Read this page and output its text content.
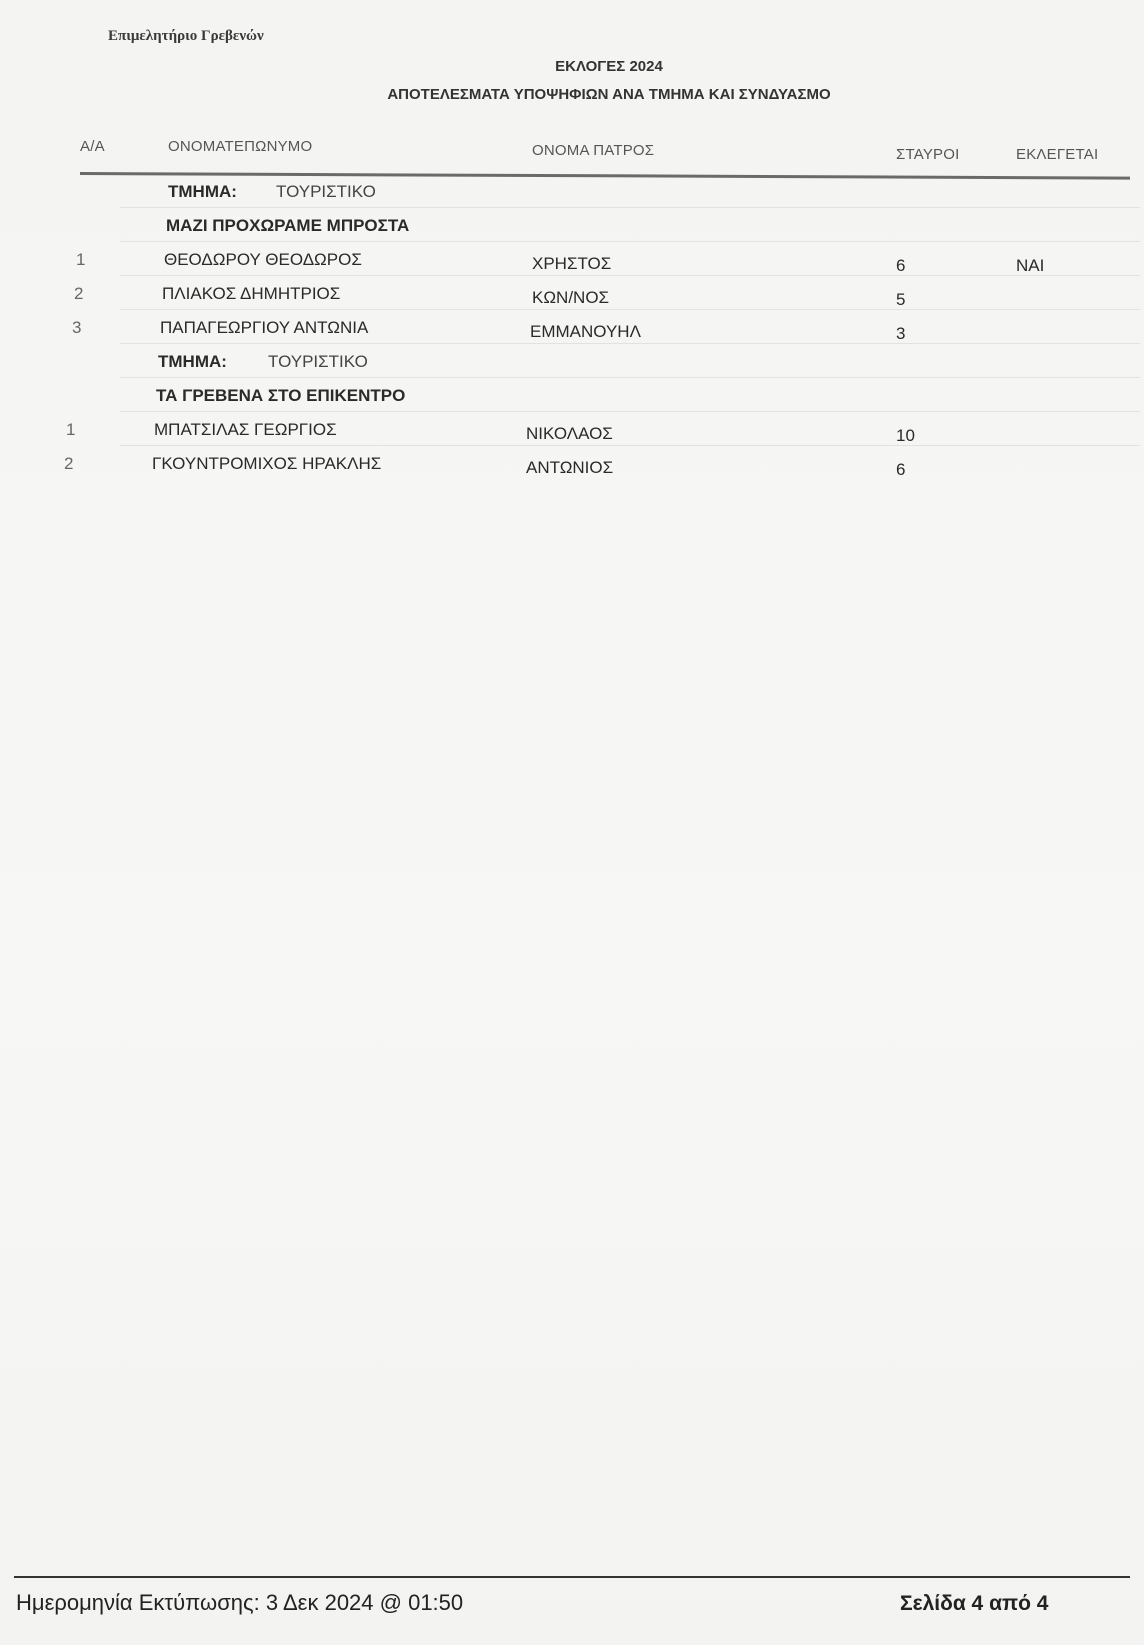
Επιμελητήριο Γρεβενών
ΕΚΛΟΓΕΣ 2024
ΑΠΟΤΕΛΕΣΜΑΤΑ ΥΠΟΨΗΦΙΩΝ ΑΝΑ ΤΜΗΜΑ ΚΑΙ ΣΥΝΔΥΑΣΜΟ
Α/Α	ΟΝΟΜΑΤΕΠΩΝΥΜΟ	ΟΝΟΜΑ ΠΑΤΡΟΣ	ΣΤΑΥΡΟΙ	ΕΚΛΕΓΕΤΑΙ
ΤΜΗΜΑ: ΤΟΥΡΙΣΤΙΚΟ
ΜΑΖΙ ΠΡΟΧΩΡΑΜΕ ΜΠΡΟΣΤΑ
1	ΘΕΟΔΩΡΟΥ ΘΕΟΔΩΡΟΣ	ΧΡΗΣΤΟΣ	6	ΝΑΙ
2	ΠΛΙΑΚΟΣ ΔΗΜΗΤΡΙΟΣ	ΚΩΝ/ΝΟΣ	5
3	ΠΑΠΑΓΕΩΡΓΙΟΥ ΑΝΤΩΝΙΑ	ΕΜΜΑΝΟΥΗΛ	3
ΤΜΗΜΑ: ΤΟΥΡΙΣΤΙΚΟ
ΤΑ ΓΡΕΒΕΝΑ ΣΤΟ ΕΠΙΚΕΝΤΡΟ
1	ΜΠΑΤΣΙΛΑΣ ΓΕΩΡΓΙΟΣ	ΝΙΚΟΛΑΟΣ	10
2	ΓΚΟΥΝΤΡΟΜΙΧΟΣ ΗΡΑΚΛΗΣ	ΑΝΤΩΝΙΟΣ	6
Ημερομηνία Εκτύπωσης: 3 Δεκ 2024 @ 01:50	Σελίδα 4 από 4
